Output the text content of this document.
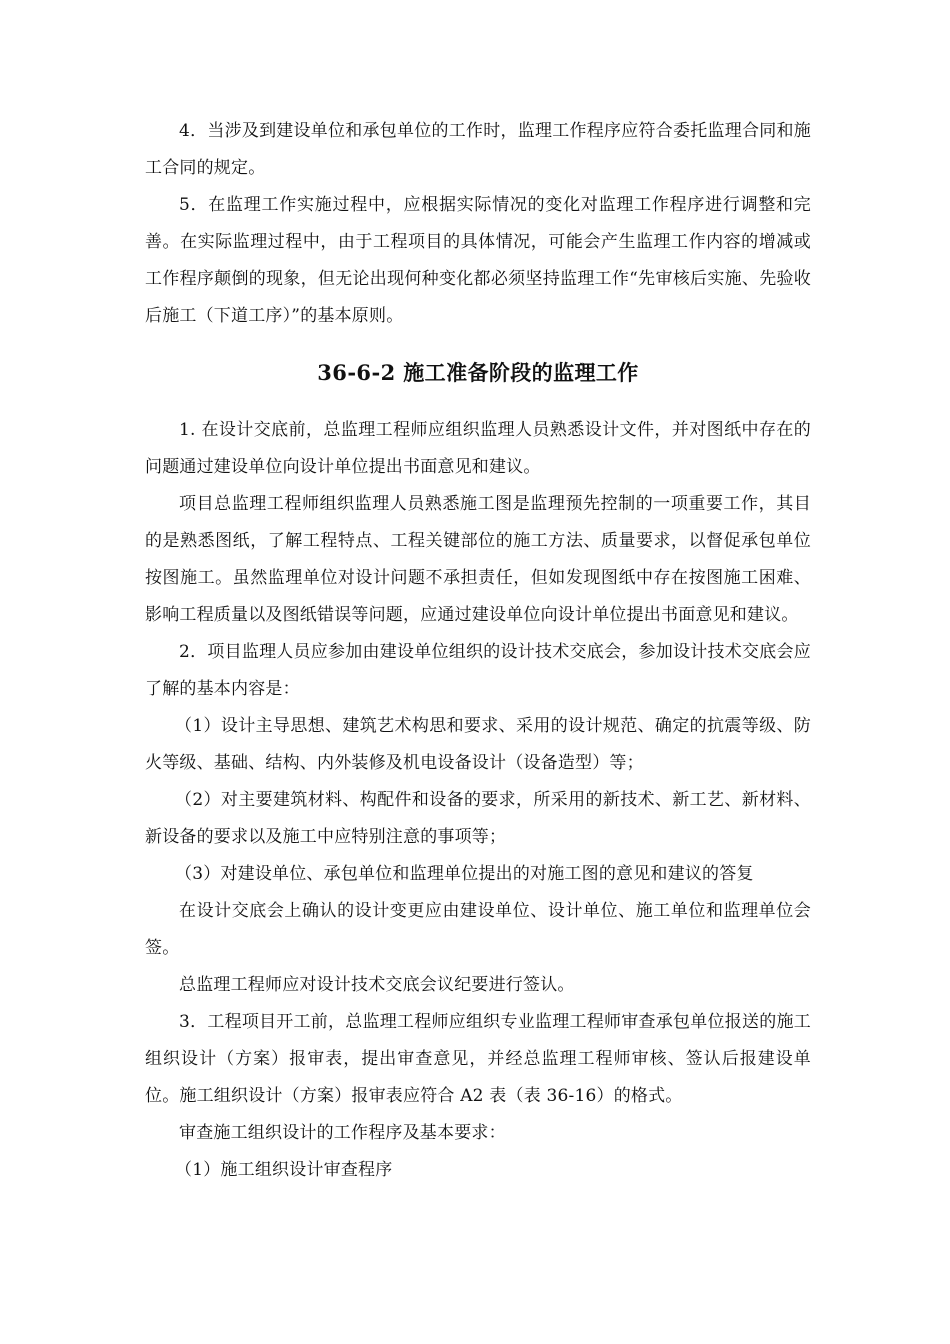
4．当涉及到建设单位和承包单位的工作时，监理工作程序应符合委托监理合同和施工合同的规定。

5．在监理工作实施过程中，应根据实际情况的变化对监理工作程序进行调整和完善。在实际监理过程中，由于工程项目的具体情况，可能会产生监理工作内容的增减或工作程序颠倒的现象，但无论出现何种变化都必须坚持监理工作“先审核后实施、先验收后施工（下道工序）”的基本原则。

36-6-2 施工准备阶段的监理工作

1. 在设计交底前，总监理工程师应组织监理人员熟悉设计文件，并对图纸中存在的问题通过建设单位向设计单位提出书面意见和建议。

项目总监理工程师组织监理人员熟悉施工图是监理预先控制的一项重要工作，其目的是熟悉图纸，了解工程特点、工程关键部位的施工方法、质量要求，以督促承包单位按图施工。虽然监理单位对设计问题不承担责任，但如发现图纸中存在按图施工困难、影响工程质量以及图纸错误等问题，应通过建设单位向设计单位提出书面意见和建议。

2．项目监理人员应参加由建设单位组织的设计技术交底会，参加设计技术交底会应了解的基本内容是：

（1）设计主导思想、建筑艺术构思和要求、采用的设计规范、确定的抗震等级、防火等级、基础、结构、内外装修及机电设备设计（设备造型）等；

（2）对主要建筑材料、构配件和设备的要求，所采用的新技术、新工艺、新材料、新设备的要求以及施工中应特别注意的事项等；

（3）对建设单位、承包单位和监理单位提出的对施工图的意见和建议的答复

在设计交底会上确认的设计变更应由建设单位、设计单位、施工单位和监理单位会签。

总监理工程师应对设计技术交底会议纪要进行签认。

3．工程项目开工前，总监理工程师应组织专业监理工程师审查承包单位报送的施工组织设计（方案）报审表，提出审查意见，并经总监理工程师审核、签认后报建设单位。施工组织设计（方案）报审表应符合 A2 表（表 36-16）的格式。

审查施工组织设计的工作程序及基本要求：

（1）施工组织设计审查程序
